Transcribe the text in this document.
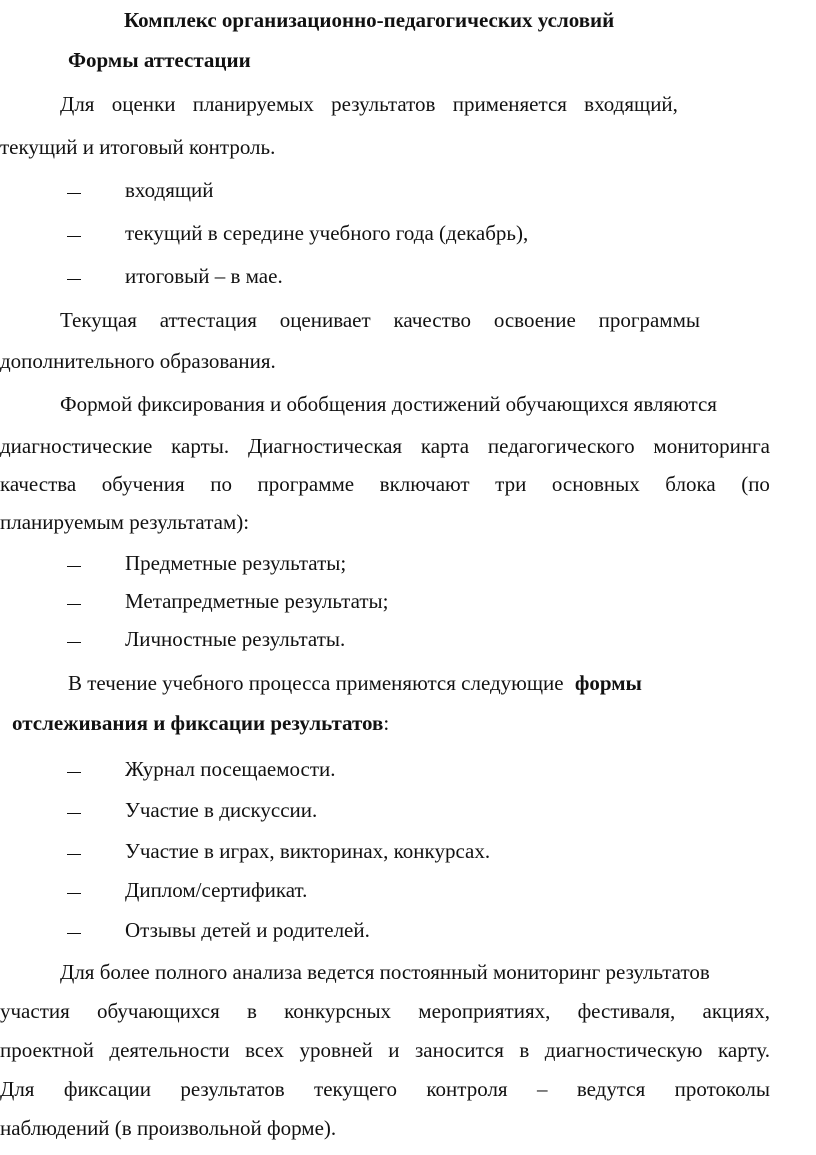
Комплекс организационно-педагогических условий
Формы аттестации
Для оценки планируемых результатов применяется входящий,
текущий и итоговый контроль.
входящий
текущий в середине учебного года (декабрь),
итоговый – в мае.
Текущая аттестация оценивает качество освоение программы
дополнительного образования.
Формой фиксирования и обобщения достижений обучающихся являются
диагностические карты. Диагностическая карта педагогического мониторинга
качества обучения по программе включают три основных блока (по
планируемым результатам):
Предметные результаты;
Метапредметные результаты;
Личностные результаты.
В течение учебного процесса применяются следующие формы
отслеживания и фиксации результатов:
Журнал посещаемости.
Участие в дискуссии.
Участие в играх, викторинах, конкурсах.
Диплом/сертификат.
Отзывы детей и родителей.
Для более полного анализа ведется постоянный мониторинг результатов
участия обучающихся в конкурсных мероприятиях, фестиваля, акциях,
проектной деятельности всех уровней и заносится в диагностическую карту.
Для фиксации результатов текущего контроля – ведутся протоколы
наблюдений (в произвольной форме).
